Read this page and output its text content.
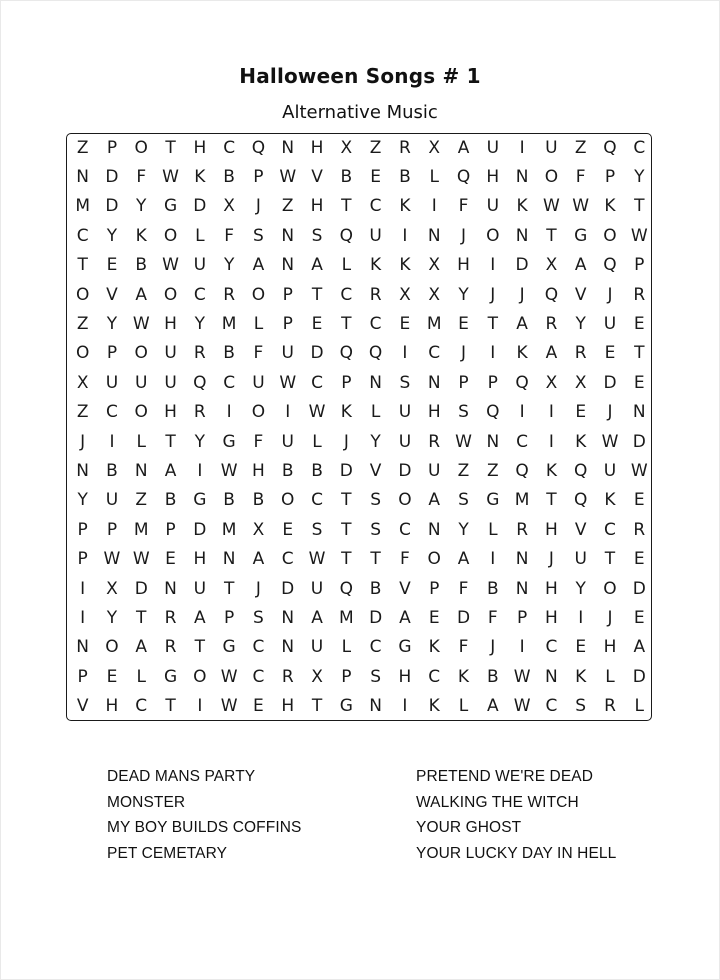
Halloween Songs # 1
Alternative Music
Z	P	O	T	H C Q N H	X	Z	R	X	A	U	I	U	Z Q C
N D	F W K	B	P W V	B	E	B	L	Q H N O	F	P	Y
M D	Y	G D X	J	Z	H	T	C	K	I	F	U	K W W K	T
C	Y	K	O	L	F	S	N	S	Q U	I	N	J	O N	T	G O W
T	E	B W U	Y	A	N	A	L	K	K	X	H	I	D X	A Q	P
O V	A O C	R O	P	T	C	R	X	X	Y	J	J	Q V	J	R
Z	Y W H	Y M	L	P	E	T	C	E M E	T	A	R	Y	U	E
O	P	O U	R	B	F	U D Q Q	I	C	J	I	K	A	R	E	T
X	U U U Q C	U W C	P	N	S	N	P	P	Q X	X D	E
Z	C O H R	I	O	I	W K	L	U H	S	Q	I	I	E	J	N
J	I	L	T	Y	G	F	U	L	J	Y	U	R W N	C	I	K W D
N	B	N	A	I	W H	B	B D V D U	Z	Z Q	K	Q U W
Y	U	Z	B G B	B O C	T	S	O A	S	G M T	Q	K	E
P	P M P	D M X	E	S	T	S	C	N	Y	L	R	H	V	C	R
P W W E	H N	A	C W T	T	F	O A	I	N	J	U	T	E
I	X D N U	T	J	D U Q B	V	P	F	B	N H	Y	O D
I	Y	T	R	A	P	S	N	A M D A	E	D	F	P	H	I	J	E
N O A	R	T	G C	N U	L	C G	K	F	J	I	C	E	H	A
P	E	L	G O W C	R	X	P	S	H C	K	B W N	K	L	D
V	H C	T	I	W E	H	T	G N	I	K	L	A W C	S	R	L
DEAD MANS PARTY
MONSTER
MY BOY BUILDS COFFINS
PET CEMETARY
PRETEND WE'RE DEAD
WALKING THE WITCH
YOUR GHOST
YOUR LUCKY DAY IN HELL
